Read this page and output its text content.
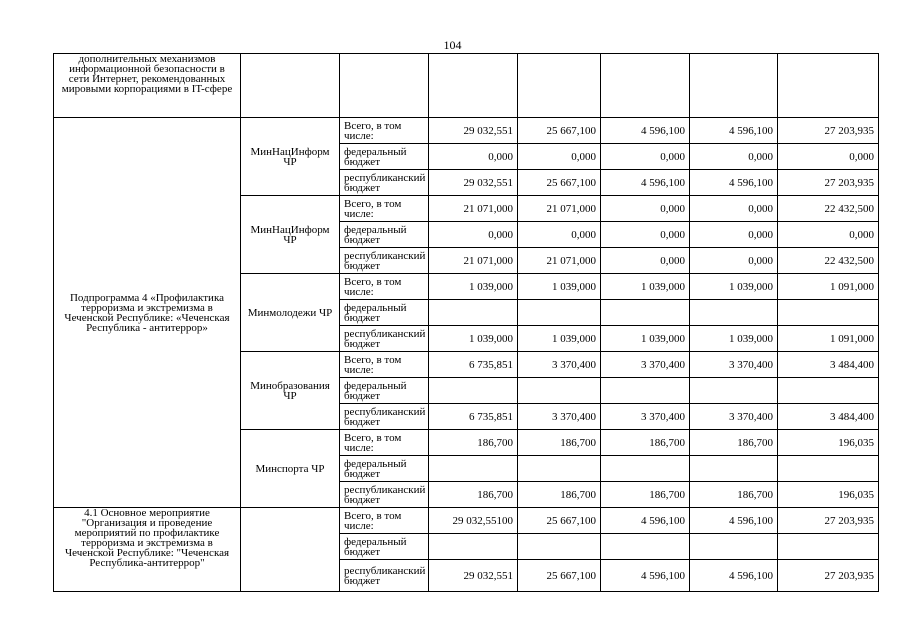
104
дополнительных механизмов информационной безопасности в сети Интернет, рекомендованных мировыми корпорациями в IT-сфере							
Подпрограмма 4 «Профилактика терроризма и экстремизма в Чеченской Республике: «Чеченская Республика - антитеррор»	МинНацИнформ ЧР	Всего, в том числе:	29 032,551	25 667,100	4 596,100	4 596,100	27 203,935
		федеральный бюджет	0,000	0,000	0,000	0,000	0,000
		республиканский бюджет	29 032,551	25 667,100	4 596,100	4 596,100	27 203,935
	МинНацИнформ ЧР	Всего, в том числе:	21 071,000	21 071,000	0,000	0,000	22 432,500
		федеральный бюджет	0,000	0,000	0,000	0,000	0,000
		республиканский бюджет	21 071,000	21 071,000	0,000	0,000	22 432,500
	Минмолодежи ЧР	Всего, в том числе:	1 039,000	1 039,000	1 039,000	1 039,000	1 091,000
		федеральный бюджет					
		республиканский бюджет	1 039,000	1 039,000	1 039,000	1 039,000	1 091,000
	Минобразования ЧР	Всего, в том числе:	6 735,851	3 370,400	3 370,400	3 370,400	3 484,400
		федеральный бюджет					
		республиканский бюджет	6 735,851	3 370,400	3 370,400	3 370,400	3 484,400
	Минспорта ЧР	Всего, в том числе:	186,700	186,700	186,700	186,700	196,035
		федеральный бюджет					
		республиканский бюджет	186,700	186,700	186,700	186,700	196,035
4.1 Основное мероприятие "Организация и проведение мероприятий по профилактике терроризма и экстремизма в Чеченской Республике: "Чеченская Республика-антитеррор"		Всего, в том числе:	29 032,55100	25 667,100	4 596,100	4 596,100	27 203,935
		федеральный бюджет					
		республиканский бюджет	29 032,551	25 667,100	4 596,100	4 596,100	27 203,935
